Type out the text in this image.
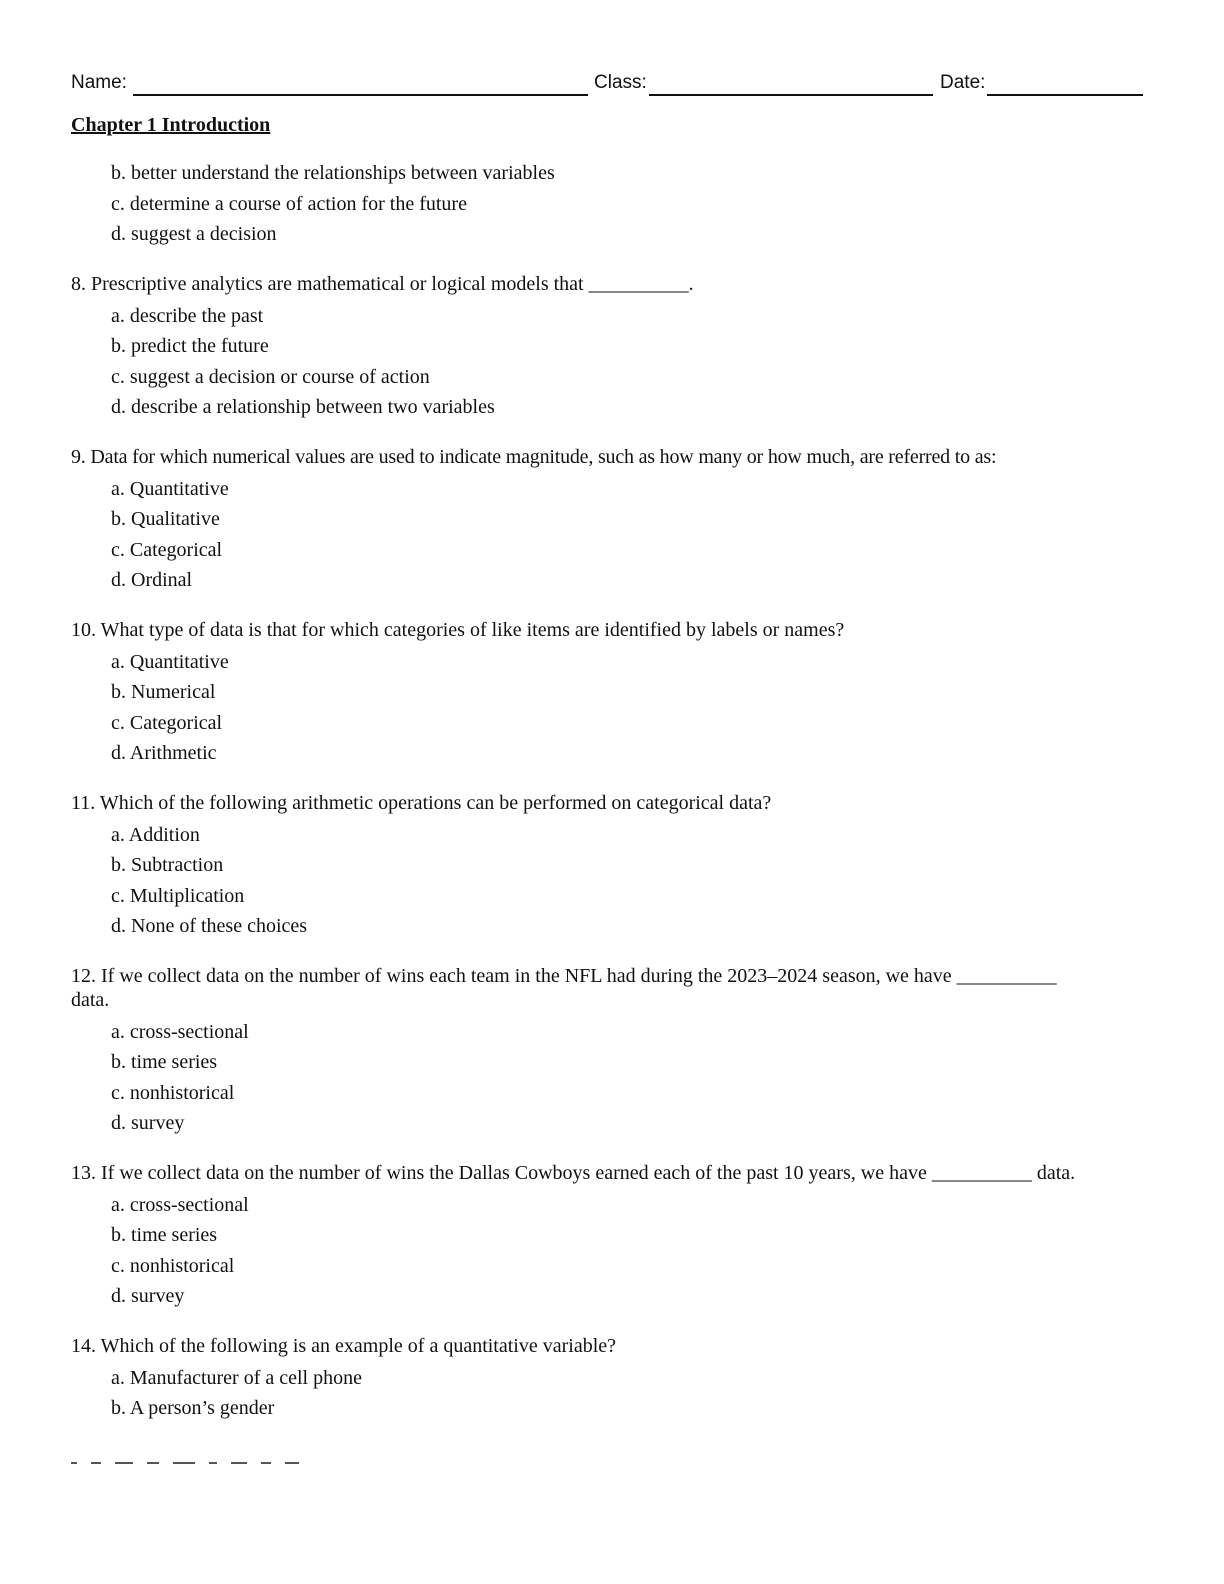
Name:	Class:	Date:
Chapter 1 Introduction
b. better understand the relationships between variables
c. determine a course of action for the future
d. suggest a decision
8. Prescriptive analytics are mathematical or logical models that __________.
a. describe the past
b. predict the future
c. suggest a decision or course of action
d. describe a relationship between two variables
9. Data for which numerical values are used to indicate magnitude, such as how many or how much, are referred to as:
a. Quantitative
b. Qualitative
c. Categorical
d. Ordinal
10. What type of data is that for which categories of like items are identified by labels or names?
a. Quantitative
b. Numerical
c. Categorical
d. Arithmetic
11. Which of the following arithmetic operations can be performed on categorical data?
a. Addition
b. Subtraction
c. Multiplication
d. None of these choices
12. If we collect data on the number of wins each team in the NFL had during the 2023–2024 season, we have __________ data.
a. cross-sectional
b. time series
c. nonhistorical
d. survey
13. If we collect data on the number of wins the Dallas Cowboys earned each of the past 10 years, we have __________ data.
a. cross-sectional
b. time series
c. nonhistorical
d. survey
14. Which of the following is an example of a quantitative variable?
a. Manufacturer of a cell phone
b. A person’s gender
